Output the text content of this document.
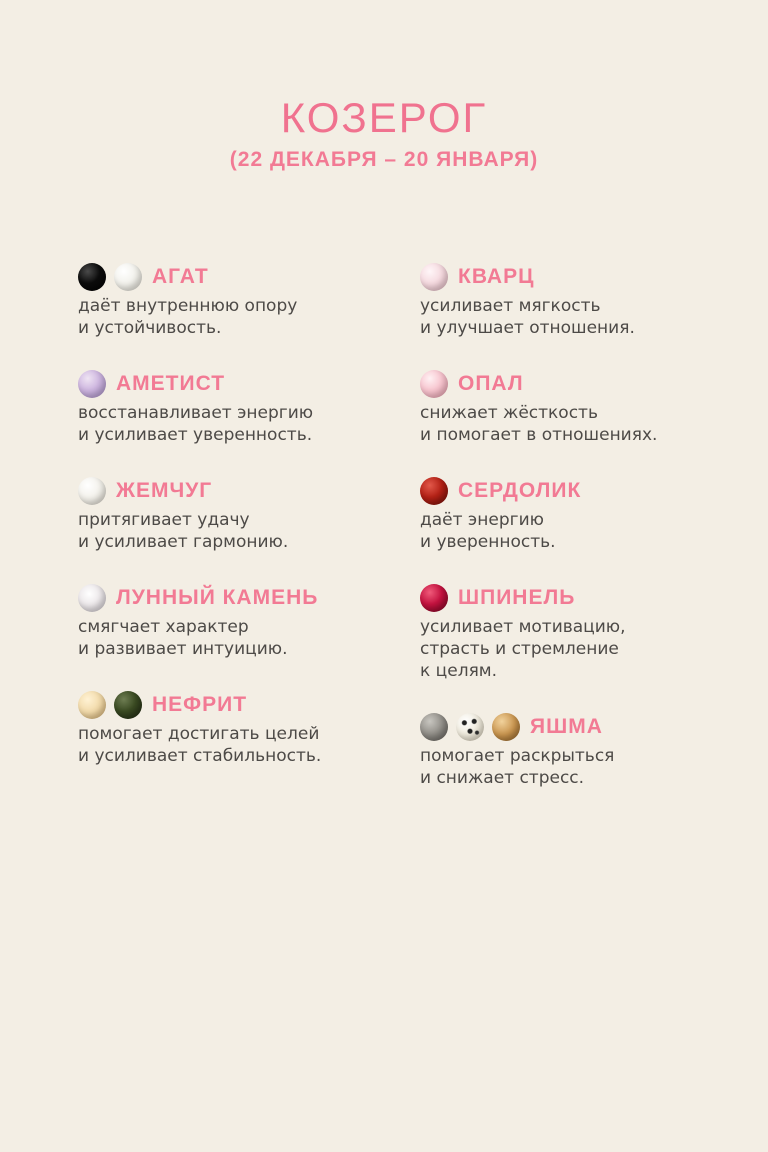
КОЗЕРОГ
(22 ДЕКАБРЯ – 20 ЯНВАРЯ)
АГАТ
даёт внутреннюю опору
и устойчивость.
АМЕТИСТ
восстанавливает энергию
и усиливает уверенность.
ЖЕМЧУГ
притягивает удачу
и усиливает гармонию.
ЛУННЫЙ КАМЕНЬ
смягчает характер
и развивает интуицию.
НЕФРИТ
помогает достигать целей
и усиливает стабильность.
КВАРЦ
усиливает мягкость
и улучшает отношения.
ОПАЛ
снижает жёсткость
и помогает в отношениях.
СЕРДОЛИК
даёт энергию
и уверенность.
ШПИНЕЛЬ
усиливает мотивацию,
страсть и стремление
к целям.
ЯШМА
помогает раскрыться
и снижает стресс.
